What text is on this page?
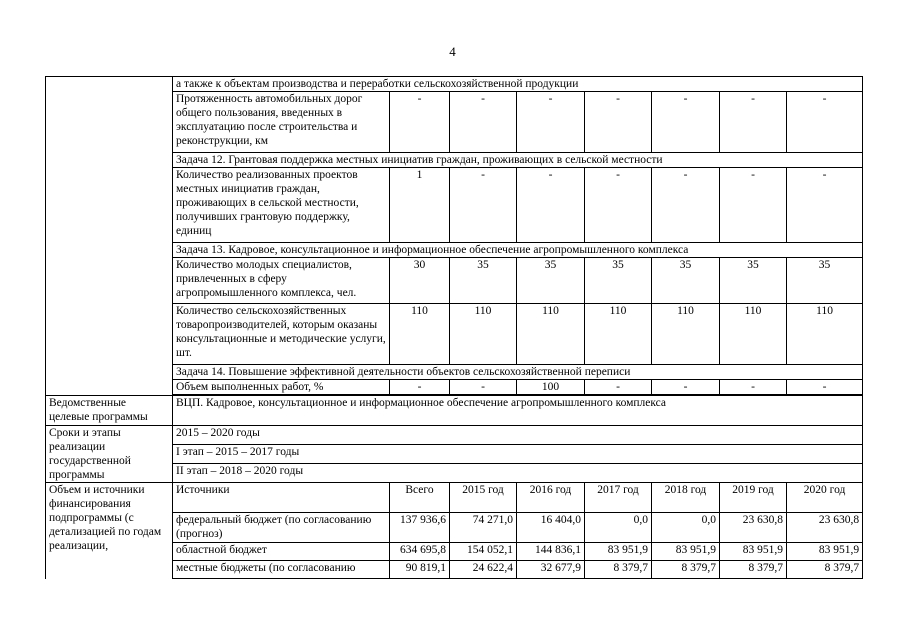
4
	а также к объектам производства и переработки сельскохозяйственной продукции							
	Протяженность автомобильных дорог общего пользования, введенных в эксплуатацию после строительства и реконструкции, км	-	-	-	-	-	-	-
	Задача 12. Грантовая поддержка местных инициатив граждан, проживающих в сельской местности							
	Количество реализованных проектов местных инициатив граждан, проживающих в сельской местности, получивших грантовую поддержку, единиц	1	-	-	-	-	-	-
	Задача 13. Кадровое, консультационное и информационное обеспечение агропромышленного комплекса							
	Количество молодых специалистов, привлеченных в сферу агропромышленного комплекса, чел.	30	35	35	35	35	35	35
	Количество сельскохозяйственных товаропроизводителей, которым оказаны консультационные и методические услуги, шт.	110	110	110	110	110	110	110
	Задача 14. Повышение эффективной деятельности объектов сельскохозяйственной переписи							
	Объем выполненных работ, %	-	-	100	-	-	-	-

Ведомственные целевые программы	ВЦП. Кадровое, консультационное и информационное обеспечение агропромышленного комплекса							
Сроки и этапы реализации государственной программы	2015 – 2020 годы							
	I этап – 2015 – 2017 годы							
	II этап – 2018 – 2020 годы							
Объем и источники финансирования подпрограммы (с детализацией по годам реализации,	Источники	Всего	2015 год	2016 год	2017 год	2018 год	2019 год	2020 год
	федеральный бюджет (по согласованию (прогноз)	137 936,6	74 271,0	16 404,0	0,0	0,0	23 630,8	23 630,8
	областной бюджет	634 695,8	154 052,1	144 836,1	83 951,9	83 951,9	83 951,9	83 951,9
	местные бюджеты (по согласованию	90 819,1	24 622,4	32 677,9	8 379,7	8 379,7	8 379,7	8 379,7
